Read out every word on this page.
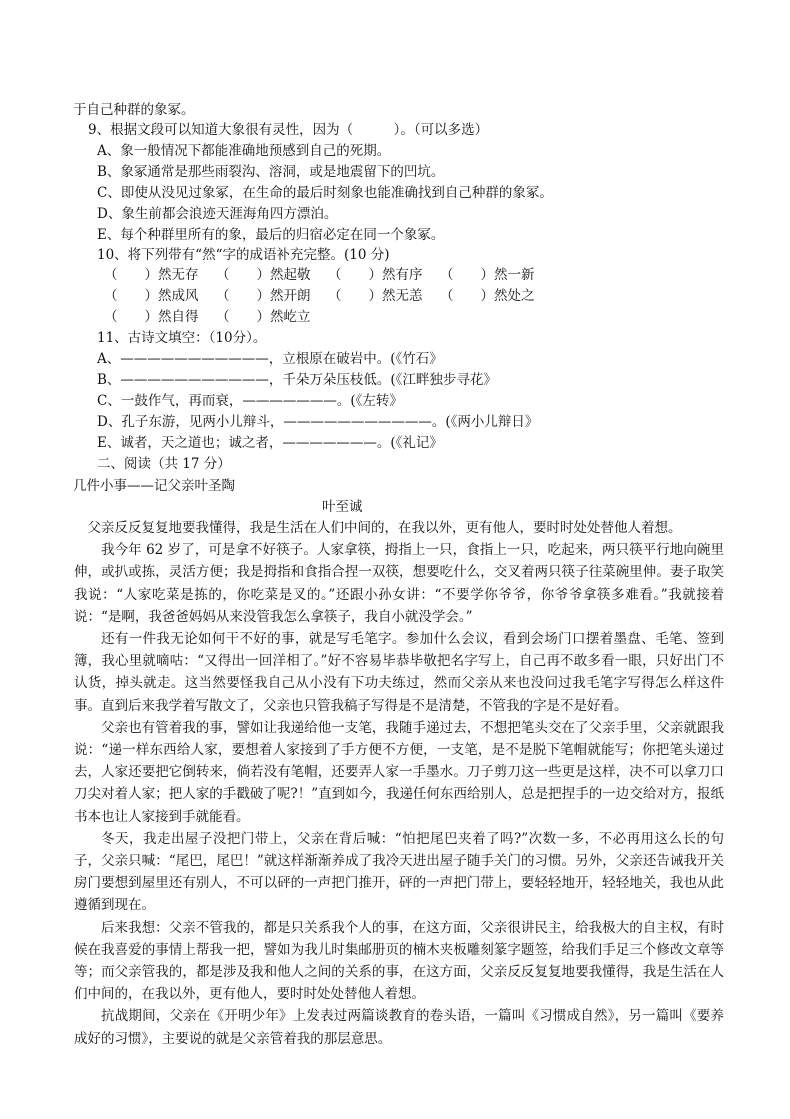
于自己种群的象冢。
9、根据文段可以知道大象很有灵性，因为（　　　）。（可以多选）
A、象一般情况下都能准确地预感到自己的死期。
B、象冢通常是那些雨裂沟、溶洞，或是地震留下的凹坑。
C、即使从没见过象冢，在生命的最后时刻象也能准确找到自己种群的象冢。
D、象生前都会浪迹天涯海角四方漂泊。
E、每个种群里所有的象，最后的归宿必定在同一个象冢。
10、将下列带有“然“字的成语补充完整。(10 分)
（　　）然无存	（　　）然起敬	（　　）然有序	（　　）然一新
（　　）然成风	（　　）然开朗	（　　）然无恙	（　　）然处之
（　　）然自得	（　　）然屹立
11、古诗文填空：（10分）。
A、———————————，立根原在破岩中。(《竹石》
B、———————————，千朵万朵压枝低。(《江畔独步寻花》
C、一鼓作气，再而衰，———————。(《左转》
D、孔子东游，见两小儿辩斗，———————————。(《两小儿辩日》
E、诚者，天之道也；诚之者，———————。(《礼记》
二、阅读（共 17 分）
几件小事——记父亲叶圣陶
叶至诚

父亲反反复复地要我懂得，我是生活在人们中间的，在我以外，更有他人，要时时处处替他人着想。

我今年 62 岁了，可是拿不好筷子。人家拿筷，拇指上一只，食指上一只，吃起来，两只筷平行地向碗里伸，或扒或拣，灵活方便；我是拇指和食指合捏一双筷，想要吃什么，交叉着两只筷子往菜碗里伸。妻子取笑我说：“人家吃菜是拣的，你吃菜是叉的。”还跟小孙女讲：“不要学你爷爷，你爷爷拿筷多难看。”我就接着说：“是啊，我爸爸妈妈从来没管我怎么拿筷子，我自小就没学会。”

还有一件我无论如何干不好的事，就是写毛笔字。参加什么会议，看到会场门口摆着墨盘、毛笔、签到簿，我心里就嘀咕：“又得出一回洋相了。”好不容易毕恭毕敬把名字写上，自己再不敢多看一眼，只好出门不认货，掉头就走。这当然要怪我自己从小没有下功夫练过，然而父亲从来也没问过我毛笔字写得怎么样这件事。直到后来我学着写散文了，父亲也只管我稿子写得是不是清楚，不管我的字是不是好看。

父亲也有管着我的事，譬如让我递给他一支笔，我随手递过去，不想把笔头交在了父亲手里，父亲就跟我说：“递一样东西给人家，要想着人家接到了手方便不方便，一支笔，是不是脱下笔帽就能写；你把笔头递过去，人家还要把它倒转来，倘若没有笔帽，还要弄人家一手墨水。刀子剪刀这一些更是这样，决不可以拿刀口刀尖对着人家；把人家的手戳破了呢?！”直到如今，我递任何东西给别人，总是把捏手的一边交给对方，报纸书本也让人家接到手就能看。

冬天，我走出屋子没把门带上，父亲在背后喊：“怕把尾巴夹着了吗?”次数一多，不必再用这么长的句子，父亲只喊：“尾巴，尾巴！”就这样渐渐养成了我冷天进出屋子随手关门的习惯。另外，父亲还告诫我开关房门要想到屋里还有别人，不可以砰的一声把门推开，砰的一声把门带上，要轻轻地开，轻轻地关，我也从此遵循到现在。

后来我想：父亲不管我的，都是只关系我个人的事，在这方面，父亲很讲民主，给我极大的自主权，有时候在我喜爱的事情上帮我一把，譬如为我儿时集邮册页的楠木夹板雕刻篆字题签，给我们手足三个修改文章等等；而父亲管我的，都是涉及我和他人之间的关系的事，在这方面，父亲反反复复地要我懂得，我是生活在人们中间的，在我以外，更有他人，要时时处处替他人着想。

抗战期间，父亲在《开明少年》上发表过两篇谈教育的卷头语，一篇叫《习惯成自然》，另一篇叫《要养成好的习惯》，主要说的就是父亲管着我的那层意思。
